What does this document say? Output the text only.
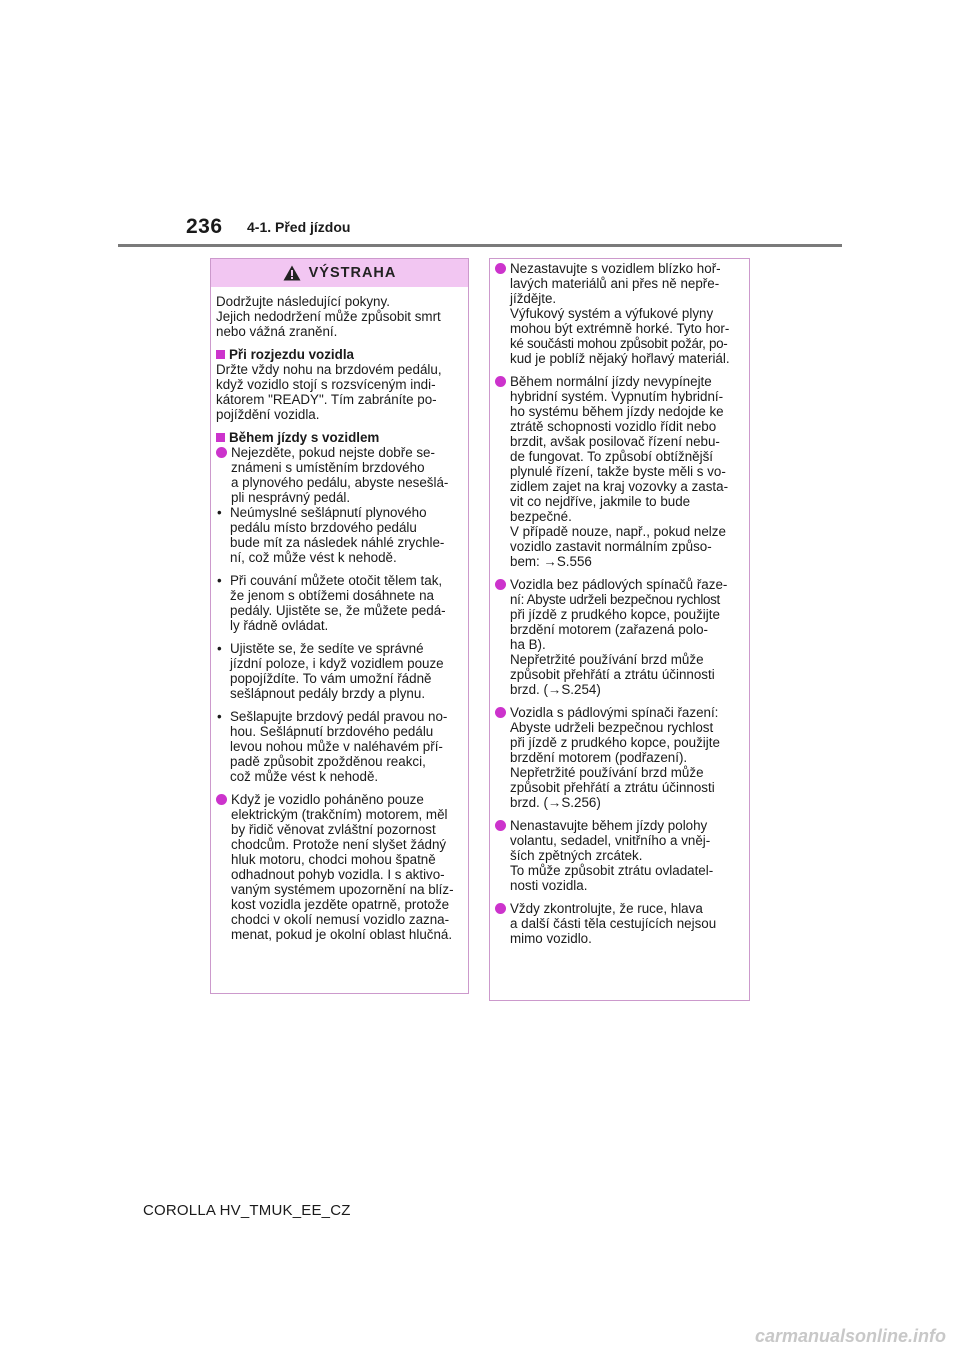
236 4-1. Před jízdou
VÝSTRAHA

Dodržujte následující pokyny.

Jejich nedodržení může způsobit smrt

nebo vážná zranění.

Při rozjezdu vozidla

Držte vždy nohu na brzdovém pedálu,

když vozidlo stojí s rozsvíceným indi-

kátorem "READY". Tím zabráníte po-

pojíždění vozidla.

Během jízdy s vozidlem

Nejezděte, pokud nejste dobře se-

známeni s umístěním brzdového

a plynového pedálu, abyste nesešlá-

pli nesprávný pedál.

• Neúmyslné sešlápnutí plynového

pedálu místo brzdového pedálu

bude mít za následek náhlé zrychle-

ní, což může vést k nehodě.

• Při couvání můžete otočit tělem tak,

že jenom s obtížemi dosáhnete na

pedály. Ujistěte se, že můžete pedá-

ly řádně ovládat.

• Ujistěte se, že sedíte ve správné

jízdní poloze, i když vozidlem pouze

popojíždíte. To vám umožní řádně

sešlápnout pedály brzdy a plynu.

• Sešlapujte brzdový pedál pravou no-

hou. Sešlápnutí brzdového pedálu

levou nohou může v naléhavém pří-

padě způsobit zpožděnou reakci,

což může vést k nehodě.

Když je vozidlo poháněno pouze

elektrickým (trakčním) motorem, měl

by řidič věnovat zvláštní pozornost

chodcům. Protože není slyšet žádný

hluk motoru, chodci mohou špatně

odhadnout pohyb vozidla. I s aktivo-

vaným systémem upozornění na blíz-

kost vozidla jezděte opatrně, protože

chodci v okolí nemusí vozidlo zazna-

menat, pokud je okolní oblast hlučná.

Nezastavujte s vozidlem blízko hoř-

lavých materiálů ani přes ně nepře-

jíždějte.

Výfukový systém a výfukové plyny

mohou být extrémně horké. Tyto hor-

ké součásti mohou způsobit požár, po-

kud je poblíž nějaký hořlavý materiál.

Během normální jízdy nevypínejte

hybridní systém. Vypnutím hybridní-

ho systému během jízdy nedojde ke

ztrátě schopnosti vozidlo řídit nebo

brzdit, avšak posilovač řízení nebu-

de fungovat. To způsobí obtížnější

plynulé řízení, takže byste měli s vo-

zidlem zajet na kraj vozovky a zasta-

vit co nejdříve, jakmile to bude

bezpečné.

V případě nouze, např., pokud nelze

vozidlo zastavit normálním způso-

bem: →S.556

Vozidla bez pádlových spínačů řaze-

ní: Abyste udrželi bezpečnou rychlost

při jízdě z prudkého kopce, použijte

brzdění motorem (zařazená polo-

ha B).

Nepřetržité používání brzd může

způsobit přehřátí a ztrátu účinnosti

brzd. (→S.254)

Vozidla s pádlovými spínači řazení:

Abyste udrželi bezpečnou rychlost

při jízdě z prudkého kopce, použijte

brzdění motorem (podřazení).

Nepřetržité používání brzd může

způsobit přehřátí a ztrátu účinnosti

brzd. (→S.256)

Nenastavujte během jízdy polohy

volantu, sedadel, vnitřního a vněj-

ších zpětných zrcátek.

To může způsobit ztrátu ovladatel-

nosti vozidla.

Vždy zkontrolujte, že ruce, hlava

a další části těla cestujících nejsou

mimo vozidlo.

COROLLA HV_TMUK_EE_CZ
carmanualsonline.info
